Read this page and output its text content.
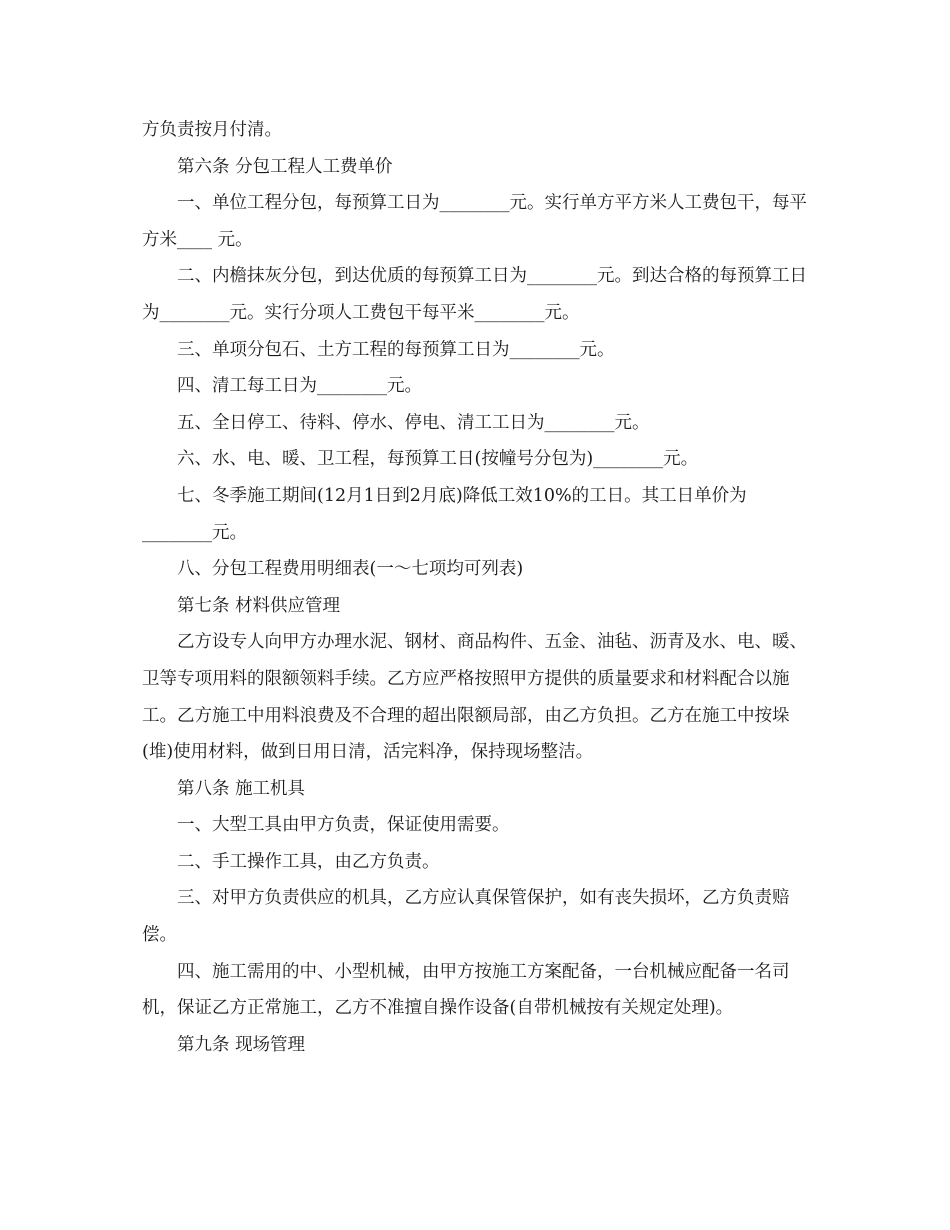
方负责按月付清。

第六条 分包工程人工费单价

一、单位工程分包，每预算工日为________元。实行单方平方米人工费包干，每平方米____ 元。

二、内檐抹灰分包，到达优质的每预算工日为________元。到达合格的每预算工日为________元。实行分项人工费包干每平米________元。

三、单项分包石、土方工程的每预算工日为________元。

四、清工每工日为________元。

五、全日停工、待料、停水、停电、清工工日为________元。

六、水、电、暖、卫工程，每预算工日(按幢号分包为)________元。

七、冬季施工期间(12月1日到2月底)降低工效10%的工日。其工日单价为________元。

八、分包工程费用明细表(一～七项均可列表)

第七条 材料供应管理

乙方设专人向甲方办理水泥、钢材、商品构件、五金、油毡、沥青及水、电、暖、卫等专项用料的限额领料手续。乙方应严格按照甲方提供的质量要求和材料配合以施工。乙方施工中用料浪费及不合理的超出限额局部，由乙方负担。乙方在施工中按垛(堆)使用材料，做到日用日清，活完料净，保持现场整洁。

第八条 施工机具

一、大型工具由甲方负责，保证使用需要。

二、手工操作工具，由乙方负责。

三、对甲方负责供应的机具，乙方应认真保管保护，如有丧失损坏，乙方负责赔偿。

四、施工需用的中、小型机械，由甲方按施工方案配备，一台机械应配备一名司机，保证乙方正常施工，乙方不准擅自操作设备(自带机械按有关规定处理)。

第九条 现场管理
